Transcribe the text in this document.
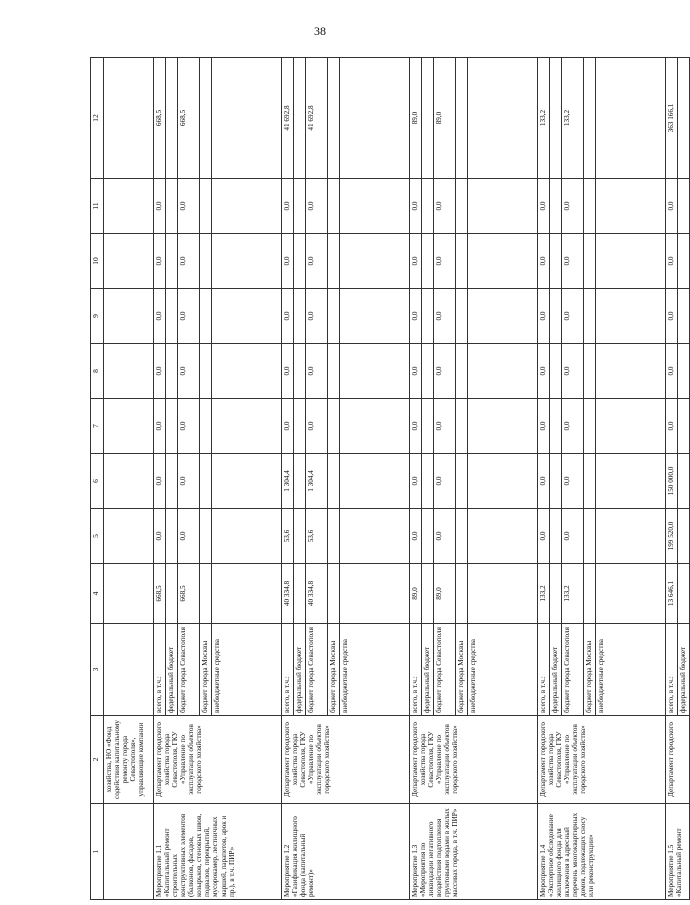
38
1	2	3	4	5	6	7	8	9	10	11	12
	хозяйства, НО «Фонд содействия капитальному ремонту города Севастополя», управляющие компании										
Мероприятие 1.1 «Капитальный ремонт строительных конструктивных элементов (балконов, фасадов, козырьков, стеновых швов, подвалов, перекрытий, мусорокамер, лестничных маршей, парапетов, арок и пр.), в т.ч. ПИР»	Департамент городского хозяйства города Севастополя, ГКУ «Управление по эксплуатации объектов городского хозяйства»	всего, в т.ч.:	668,5	0,0	0,0	0,0	0,0	0,0	0,0	0,0	668,5
		федеральный бюджет									
		бюджет города Севастополя	668,5	0,0	0,0	0,0	0,0	0,0	0,0	0,0	668,5
		бюджет города Москвы									
		внебюджетные средства									
Мероприятие 1.2 «Газификация жилищного фонда (капитальный ремонт)»	Департамент городского хозяйства города Севастополя, ГКУ «Управление по эксплуатации объектов городского хозяйства»	всего, в т.ч.:	40 334,8	53,6	1 304,4	0,0	0,0	0,0	0,0	0,0	41 692,8
		федеральный бюджет									
		бюджет города Севастополя	40 334,8	53,6	1 304,4	0,0	0,0	0,0	0,0	0,0	41 692,8
		бюджет города Москвы									
		внебюджетные средства									
Мероприятие 1.3 «Мероприятия по ликвидации негативного воздействия подтопления грунтовыми водами в жилых массивах города, в т.ч. ПИР»	Департамент городского хозяйства города Севастополя, ГКУ «Управление по эксплуатации объектов городского хозяйства»	всего, в т.ч.:	89,0	0,0	0,0	0,0	0,0	0,0	0,0	0,0	89,0
		федеральный бюджет									
		бюджет города Севастополя	89,0	0,0	0,0	0,0	0,0	0,0	0,0	0,0	89,0
		бюджет города Москвы									
		внебюджетные средства									
Мероприятие 1.4 «Экспертное обследование жилищного фонда для включения в адресный перечень многоквартирных домов, подлежащих сносу или реконструкции»	Департамент городского хозяйства города Севастополя, ГКУ «Управление по эксплуатации объектов городского хозяйства»	всего, в т.ч.:	133,2	0,0	0,0	0,0	0,0	0,0	0,0	0,0	133,2
		федеральный бюджет									
		бюджет города Севастополя	133,2	0,0	0,0	0,0	0,0	0,0	0,0	0,0	133,2
		бюджет города Москвы									
		внебюджетные средства									
Мероприятие 1.5 «Капитальный ремонт	Департамент городского	всего, в т.ч.:	13 646,1	199 520,0	150 000,0	0,0	0,0	0,0	0,0	0,0	363 166,1
		федеральный бюджет									
